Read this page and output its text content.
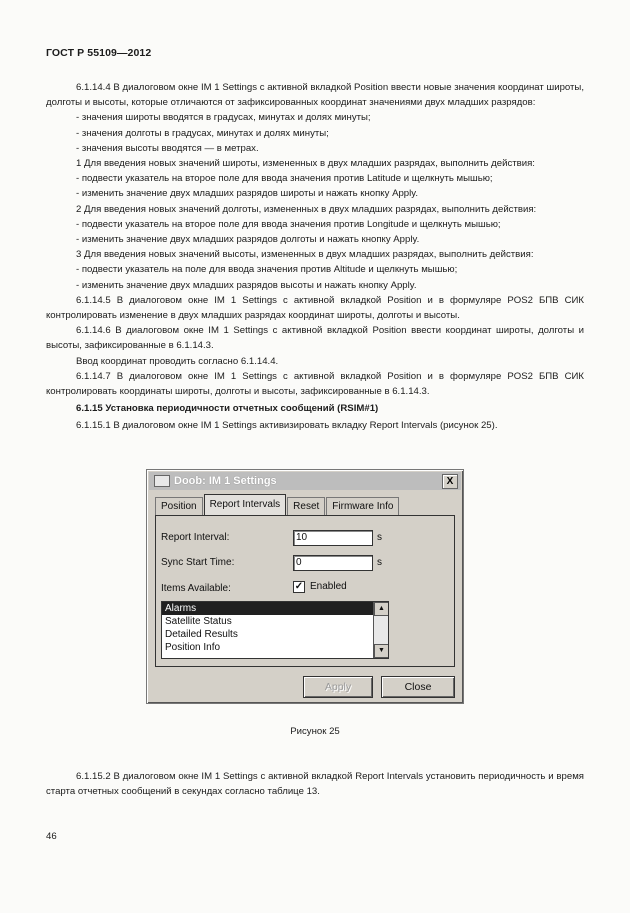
ГОСТ Р 55109—2012

6.1.14.4 В диалоговом окне IM 1 Settings с активной вкладкой Position ввести новые значения координат широты, долготы и высоты, которые отличаются от зафиксированных координат значениями двух младших разрядов:

- значения широты вводятся в градусах, минутах и долях минуты;

- значения долготы в градусах, минутах и долях минуты;

- значения высоты вводятся — в метрах.

1 Для введения новых значений широты, измененных в двух младших разрядах, выполнить действия:

- подвести указатель на второе поле для ввода значения против Latitude и щелкнуть мышью;

- изменить значение двух младших разрядов широты и нажать кнопку Apply.

2 Для введения новых значений долготы, измененных в двух младших разрядах, выполнить действия:

- подвести указатель на второе поле для ввода значения против Longitude и щелкнуть мышью;

- изменить значение двух младших разрядов долготы и нажать кнопку Apply.

3 Для введения новых значений высоты, измененных в двух младших разрядах, выполнить действия:

- подвести указатель на поле для ввода значения против Altitude и щелкнуть мышью;

- изменить значение двух младших разрядов высоты и нажать кнопку Apply.

6.1.14.5 В диалоговом окне IM 1 Settings с активной вкладкой Position и в формуляре POS2 БПВ СИК контролировать изменение в двух младших разрядах координат широты, долготы и высоты.

6.1.14.6 В диалоговом окне IM 1 Settings с активной вкладкой Position ввести координат широты, долготы и высоты, зафиксированные в 6.1.14.3.

Ввод координат проводить согласно 6.1.14.4.

6.1.14.7 В диалоговом окне IM 1 Settings с активной вкладкой Position и в формуляре POS2 БПВ СИК контролировать координаты широты, долготы и высоты, зафиксированные в 6.1.14.3.

6.1.15 Установка периодичности отчетных сообщений (RSIM#1)

6.1.15.1 В диалоговом окне IM 1 Settings активизировать вкладку Report Intervals (рисунок 25).

Doob: IM 1 Settings	X
Position	Report Intervals	Reset	Firmware Info
Report Interval:	10	s
Sync Start Time:	0	s
Items Available:	✓ Enabled
Alarms
Satellite Status
Detailed Results
Position Info
▲
▼
Apply	Close
Рисунок 25

6.1.15.2 В диалоговом окне IM 1 Settings с активной вкладкой Report Intervals установить периодичность и время старта отчетных сообщений в секундах согласно таблице 13.

46
